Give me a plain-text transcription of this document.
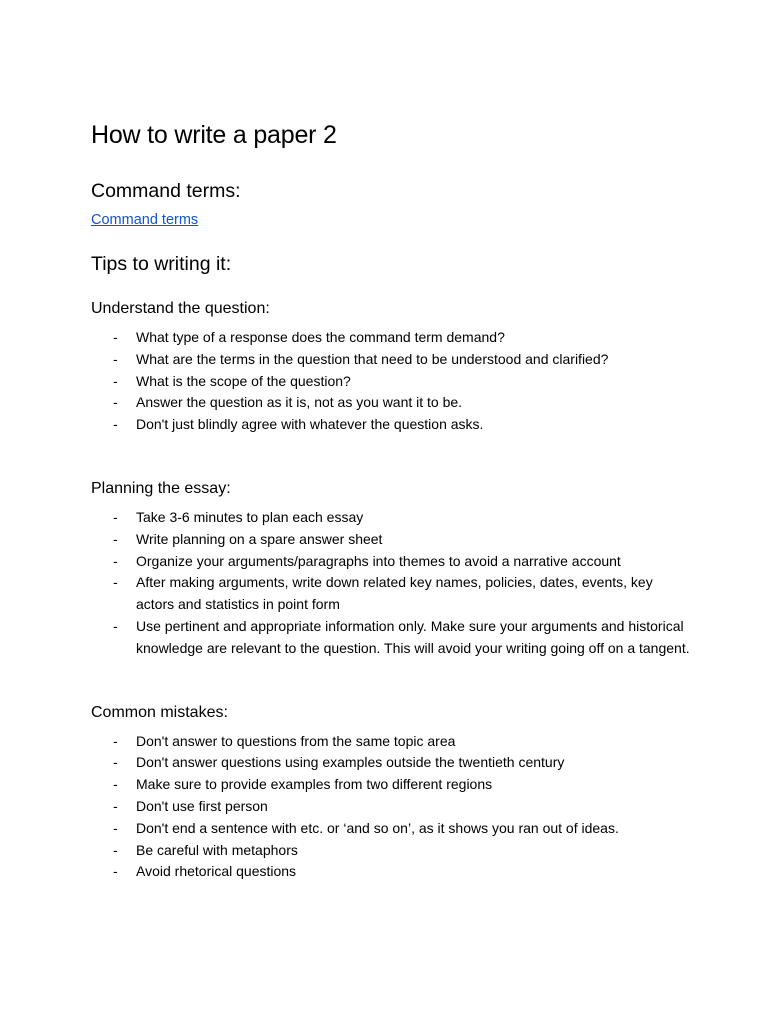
How to write a paper 2
Command terms:
Command terms
Tips to writing it:
Understand the question:
- What type of a response does the command term demand?
- What are the terms in the question that need to be understood and clarified?
- What is the scope of the question?
- Answer the question as it is, not as you want it to be.
- Don't just blindly agree with whatever the question asks.
Planning the essay:
- Take 3-6 minutes to plan each essay
- Write planning on a spare answer sheet
- Organize your arguments/paragraphs into themes to avoid a narrative account
- After making arguments, write down related key names, policies, dates, events, key actors and statistics in point form
- Use pertinent and appropriate information only. Make sure your arguments and historical knowledge are relevant to the question. This will avoid your writing going off on a tangent.
Common mistakes:
- Don't answer to questions from the same topic area
- Don't answer questions using examples outside the twentieth century
- Make sure to provide examples from two different regions
- Don't use first person
- Don't end a sentence with etc. or ‘and so on’, as it shows you ran out of ideas.
- Be careful with metaphors
- Avoid rhetorical questions
